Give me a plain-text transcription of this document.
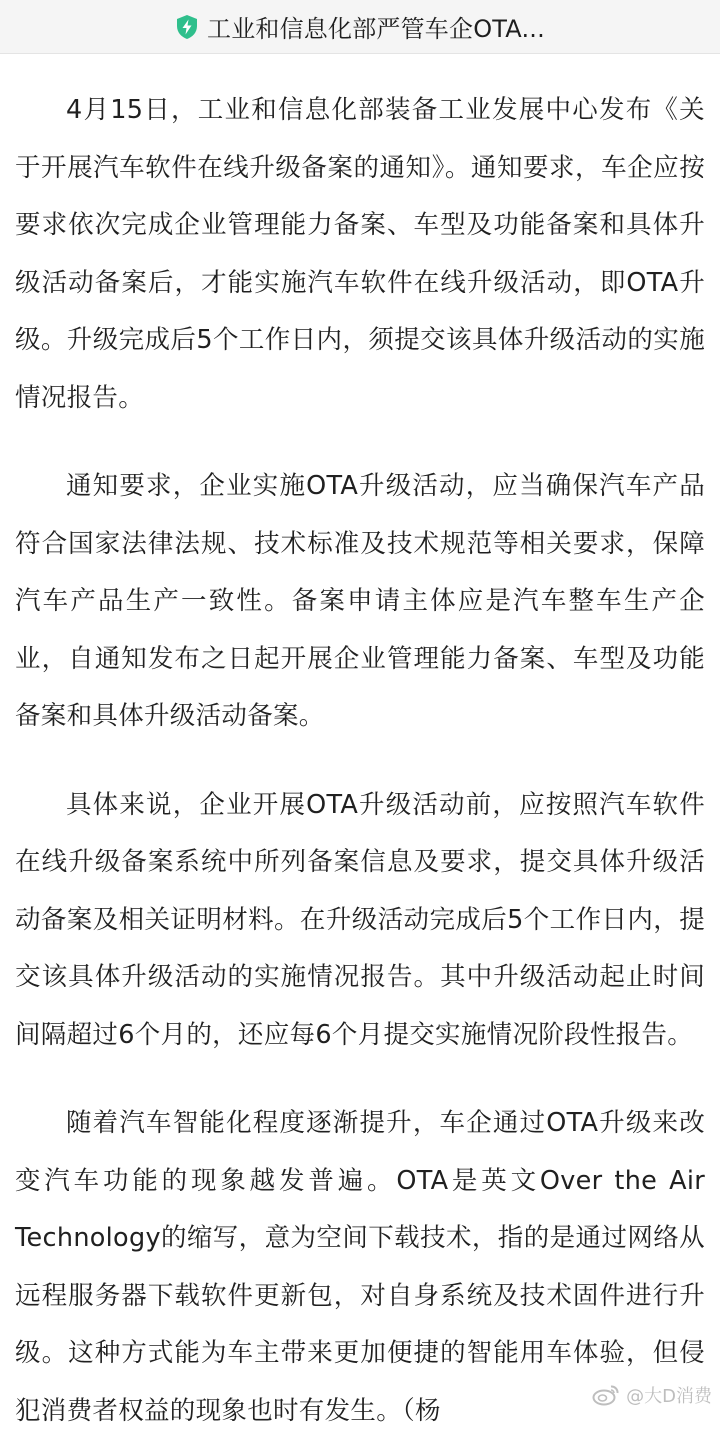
工业和信息化部严管车企OTA...

4月15日，工业和信息化部装备工业发展中心发布《关于开展汽车软件在线升级备案的通知》。通知要求，车企应按要求依次完成企业管理能力备案、车型及功能备案和具体升级活动备案后，才能实施汽车软件在线升级活动，即OTA升级。升级完成后5个工作日内，须提交该具体升级活动的实施情况报告。

通知要求，企业实施OTA升级活动，应当确保汽车产品符合国家法律法规、技术标准及技术规范等相关要求，保障汽车产品生产一致性。备案申请主体应是汽车整车生产企业，自通知发布之日起开展企业管理能力备案、车型及功能备案和具体升级活动备案。

具体来说，企业开展OTA升级活动前，应按照汽车软件在线升级备案系统中所列备案信息及要求，提交具体升级活动备案及相关证明材料。在升级活动完成后5个工作日内，提交该具体升级活动的实施情况报告。其中升级活动起止时间间隔超过6个月的，还应每6个月提交实施情况阶段性报告。

随着汽车智能化程度逐渐提升，车企通过OTA升级来改变汽车功能的现象越发普遍。OTA是英文Over the Air Technology的缩写，意为空间下载技术，指的是通过网络从远程服务器下载软件更新包，对自身系统及技术固件进行升级。这种方式能为车主带来更加便捷的智能用车体验，但侵犯消费者权益的现象也时有发生。（杨	@大D消费
